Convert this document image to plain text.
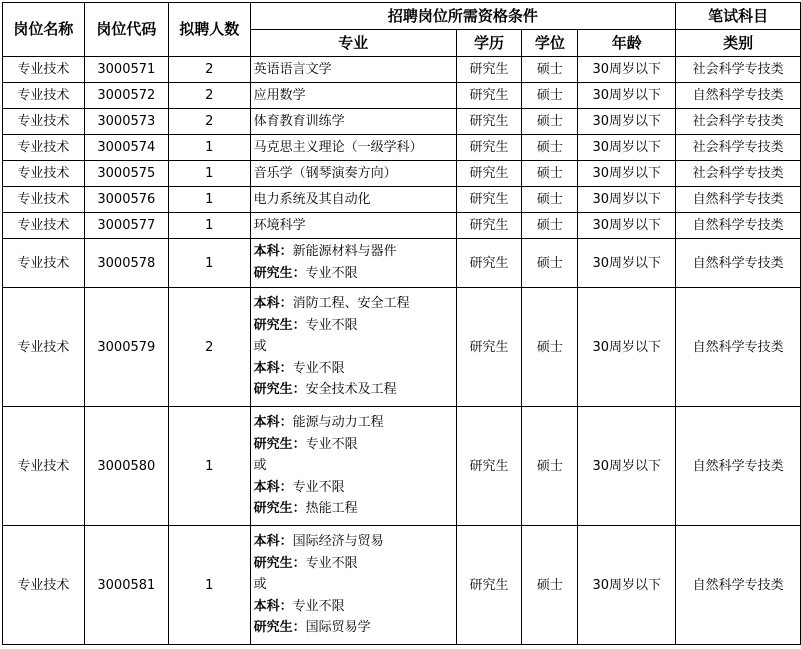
岗位名称	岗位代码	拟聘人数	招聘岗位所需资格条件				笔试科目
			专业	学历	学位	年龄	类别
专业技术	3000571	2	英语语言文学	研究生	硕士	30周岁以下	社会科学专技类
专业技术	3000572	2	应用数学	研究生	硕士	30周岁以下	自然科学专技类
专业技术	3000573	2	体育教育训练学	研究生	硕士	30周岁以下	社会科学专技类
专业技术	3000574	1	马克思主义理论（一级学科）	研究生	硕士	30周岁以下	社会科学专技类
专业技术	3000575	1	音乐学（钢琴演奏方向）	研究生	硕士	30周岁以下	社会科学专技类
专业技术	3000576	1	电力系统及其自动化	研究生	硕士	30周岁以下	自然科学专技类
专业技术	3000577	1	环境科学	研究生	硕士	30周岁以下	自然科学专技类
专业技术	3000578	1	本科：新能源材料与器件
研究生：专业不限	研究生	硕士	30周岁以下	自然科学专技类
专业技术	3000579	2	本科：消防工程、安全工程
研究生：专业不限
或
本科：专业不限
研究生：安全技术及工程	研究生	硕士	30周岁以下	自然科学专技类
专业技术	3000580	1	本科：能源与动力工程
研究生：专业不限
或
本科：专业不限
研究生：热能工程	研究生	硕士	30周岁以下	自然科学专技类
专业技术	3000581	1	本科：国际经济与贸易
研究生：专业不限
或
本科：专业不限
研究生：国际贸易学	研究生	硕士	30周岁以下	自然科学专技类
